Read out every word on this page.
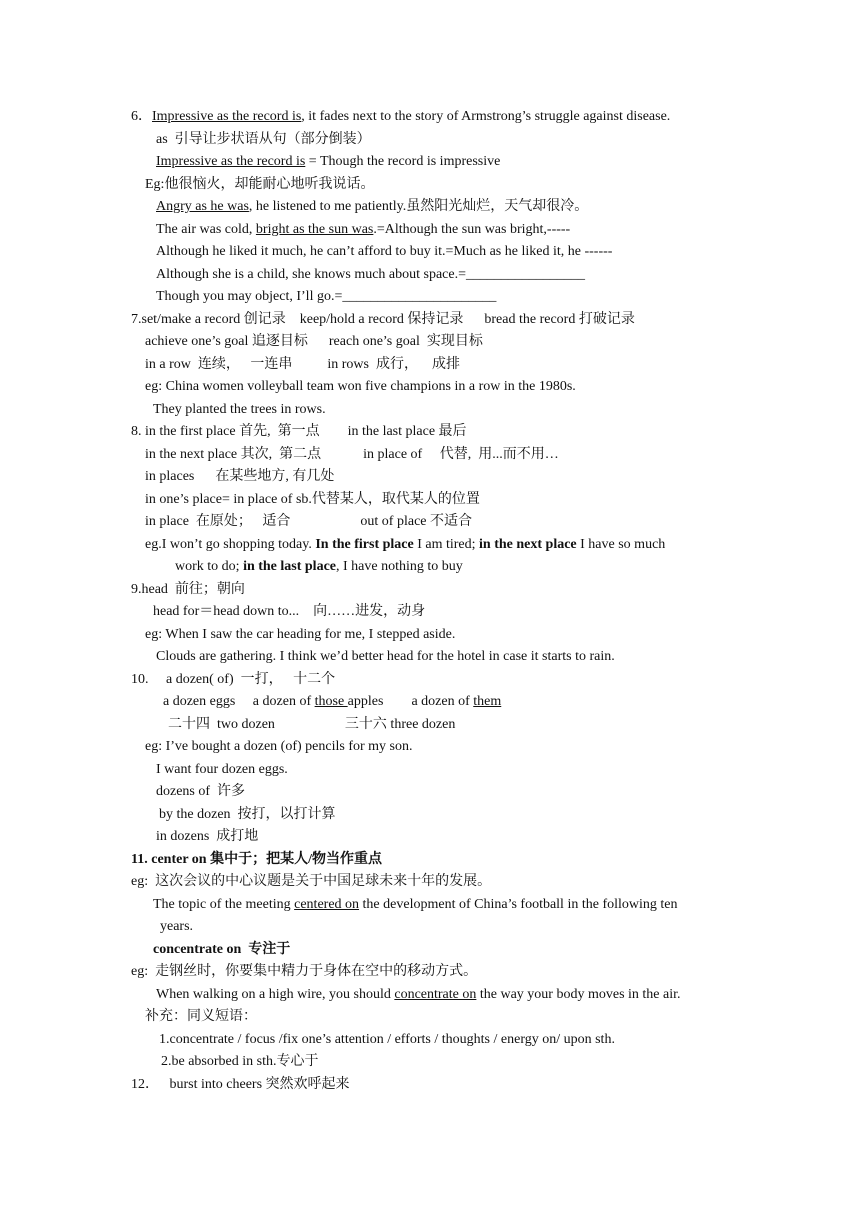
6．Impressive as the record is, it fades next to the story of Armstrong’s struggle against disease.
as  引导让步状语从句（部分倒装）
Impressive as the record is = Though the record is impressive
Eg:他很恼火，却能耐心地听我说话。
Angry as he was, he listened to me patiently.虽然阳光灿烂，天气却很冷。
The air was cold, bright as the sun was.=Although the sun was bright,-----
Although he liked it much, he can’t afford to buy it.=Much as he liked it, he ------
Although she is a child, she knows much about space.=_________________
Though you may object, I’ll go.=______________________
7.set/make a record 创记录    keep/hold a record 保持记录      bread the record 打破记录
achieve one’s goal 追逐目标      reach one’s goal  实现目标
in a row  连续，   一连串          in rows  成行，    成排
eg: China women volleyball team won five champions in a row in the 1980s.
They planted the trees in rows.
8. in the first place 首先,  第一点        in the last place 最后
in the next place 其次,  第二点            in place of     代替,  用...而不用…
in places      在某些地方, 有几处
in one’s place= in place of sb.代替某人，取代某人的位置
in place  在原处；   适合                    out of place 不适合
eg.I won’t go shopping today. In the first place I am tired; in the next place I have so much
work to do; in the last place, I have nothing to buy
9.head  前往；朝向
head for＝head down to...    向……进发，动身
eg: When I saw the car heading for me, I stepped aside.
Clouds are gathering. I think we’d better head for the hotel in case it starts to rain.
10.     a dozen( of)  一打，   十二个
a dozen eggs     a dozen of those apples        a dozen of them
二十四  two dozen                    三十六 three dozen
eg: I’ve bought a dozen (of) pencils for my son.
I want four dozen eggs.
dozens of  许多
by the dozen  按打，以打计算
in dozens  成打地
11. center on 集中于；把某人/物当作重点
eg:  这次会议的中心议题是关于中国足球未来十年的发展。
The topic of the meeting centered on the development of China’s football in the following ten
years.
concentrate on  专注于
eg:  走钢丝时，你要集中精力于身体在空中的移动方式。
When walking on a high wire, you should concentrate on the way your body moves in the air.
补充：同义短语：
1.concentrate / focus /fix one’s attention / efforts / thoughts / energy on/ upon sth.
2.be absorbed in sth.专心于
12．   burst into cheers 突然欢呼起来
